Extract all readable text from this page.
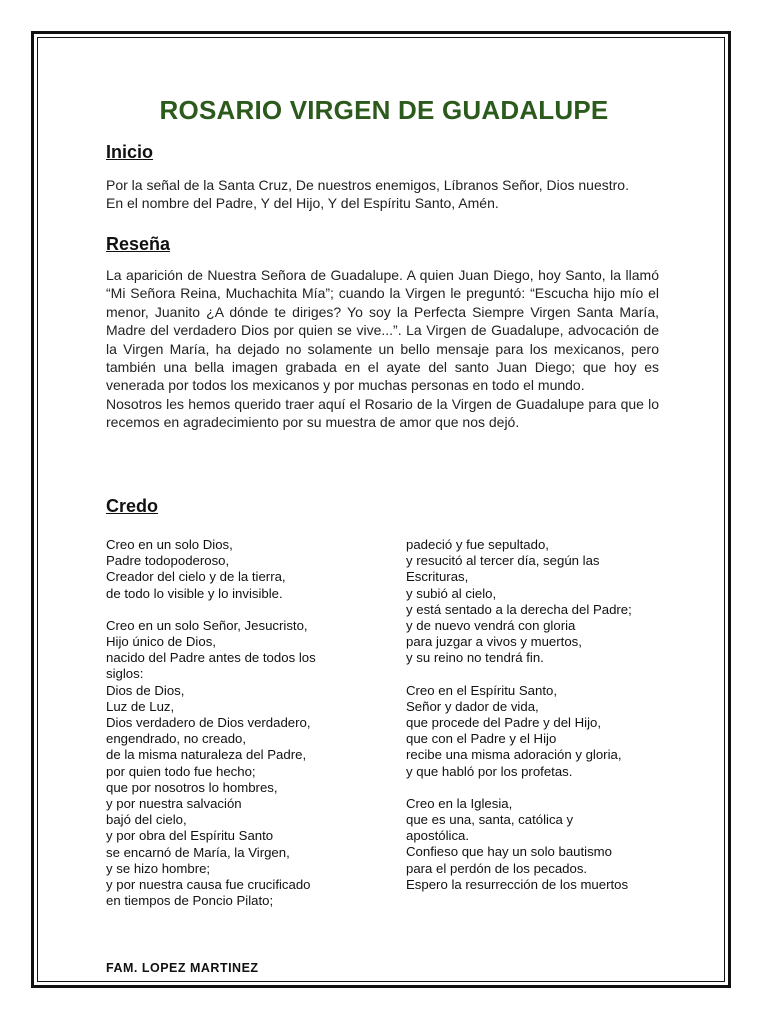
ROSARIO VIRGEN DE GUADALUPE
Inicio

Por la señal de la Santa Cruz, De nuestros enemigos, Líbranos Señor, Dios nuestro.

En el nombre del Padre, Y del Hijo, Y del Espíritu Santo, Amén.

Reseña

La aparición de Nuestra Señora de Guadalupe. A quien Juan Diego, hoy Santo, la llamó “Mi Señora Reina, Muchachita Mía”; cuando la Virgen le preguntó: “Escucha hijo mío el menor, Juanito ¿A dónde te diriges? Yo soy la Perfecta Siempre Virgen Santa María, Madre del verdadero Dios por quien se vive...”. La Virgen de Guadalupe, advocación de la Virgen María, ha dejado no solamente un bello mensaje para los mexicanos, pero también una bella imagen grabada en el ayate del santo Juan Diego; que hoy es venerada por todos los mexicanos y por muchas personas en todo el mundo.

Nosotros les hemos querido traer aquí el Rosario de la Virgen de Guadalupe para que lo recemos en agradecimiento por su muestra de amor que nos dejó.

Credo
Creo en un solo Dios,
Padre todopoderoso,
Creador del cielo y de la tierra,
de todo lo visible y lo invisible.
Creo en un solo Señor, Jesucristo,
Hijo único de Dios,
nacido del Padre antes de todos los
siglos:
Dios de Dios,
Luz de Luz,
Dios verdadero de Dios verdadero,
engendrado, no creado,
de la misma naturaleza del Padre,
por quien todo fue hecho;
que por nosotros lo hombres,
y por nuestra salvación
bajó del cielo,
y por obra del Espíritu Santo
se encarnó de María, la Virgen,
y se hizo hombre;
y por nuestra causa fue crucificado
en tiempos de Poncio Pilato;
padeció y fue sepultado,
y resucitó al tercer día, según las
Escrituras,
y subió al cielo,
y está sentado a la derecha del Padre;
y de nuevo vendrá con gloria
para juzgar a vivos y muertos,
y su reino no tendrá fin.
Creo en el Espíritu Santo,
Señor y dador de vida,
que procede del Padre y del Hijo,
que con el Padre y el Hijo
recibe una misma adoración y gloria,
y que habló por los profetas.
Creo en la Iglesia,
que es una, santa, católica y
apostólica.
Confieso que hay un solo bautismo
para el perdón de los pecados.
Espero la resurrección de los muertos

FAM. LOPEZ MARTINEZ
